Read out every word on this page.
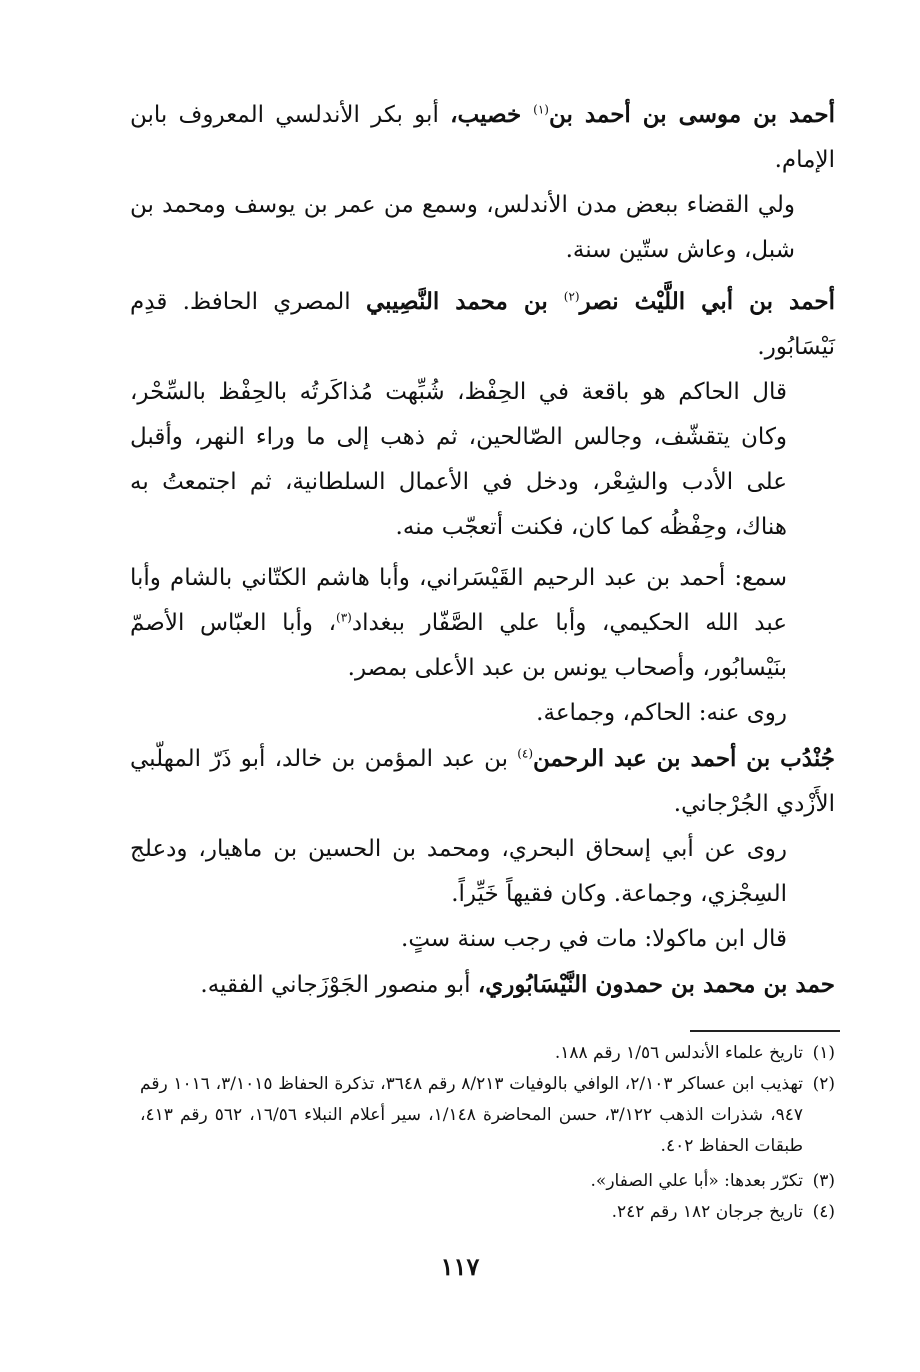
أحمد بن موسى بن أحمد بن$^{(١)}$ خصيب، أبو بكر الأندلسي المعروف بابن الإمام.

ولي القضاء ببعض مدن الأندلس، وسمع من عمر بن يوسف ومحمد بن شبل، وعاش ستّين سنة.

أحمد بن أبي اللَّيْث نصر$^{(٢)}$ بن محمد النَّصِيبي المصري الحافظ. قدِم نَيْسَابُور.

قال الحاكم هو باقعة في الحِفْظ، شُبِّهت مُذاكَرتُه بالحِفْظ بالسِّحْر، وكان يتقشّف، وجالس الصّالحين، ثم ذهب إلى ما وراء النهر، وأقبل على الأدب والشِعْر، ودخل في الأعمال السلطانية، ثم اجتمعتُ به هناك، وحِفْظُه كما كان، فكنت أتعجّب منه.

سمع: أحمد بن عبد الرحيم القَيْسَراني، وأبا هاشم الكتّاني بالشام وأبا عبد الله الحكيمي، وأبا علي الصَّفّار ببغداد$^{(٣)}$، وأبا العبّاس الأصمّ بنَيْسابُور، وأصحاب يونس بن عبد الأعلى بمصر.

روى عنه: الحاكم، وجماعة.

جُنْدُب بن أحمد بن عبد الرحمن$^{(٤)}$ بن عبد المؤمن بن خالد، أبو ذَرّ المهلّبي الأَزْدي الجُرْجاني.

روى عن أبي إسحاق البحري، ومحمد بن الحسين بن ماهيار، ودعلج السِجْزي، وجماعة. وكان فقيهاً خَيِّراً.

قال ابن ماكولا: مات في رجب سنة ستٍ.

حمد بن محمد بن حمدون النَّيْسَابُوري، أبو منصور الجَوْزَجاني الفقيه.

(١)
تاريخ علماء الأندلس ١/٥٦ رقم ١٨٨.
(٢)
تهذيب ابن عساكر ٢/١٠٣، الوافي بالوفيات ٨/٢١٣ رقم ٣٦٤٨، تذكرة الحفاظ ٣/١٠١٥، ١٠١٦ رقم ٩٤٧، شذرات الذهب ٣/١٢٢، حسن المحاضرة ١/١٤٨، سير أعلام النبلاء ١٦/٥٦، ٥٦٢ رقم ٤١٣، طبقات الحفاظ ٤٠٢.
(٣)
تكرّر بعدها: «أبا علي الصفار».
(٤)
تاريخ جرجان ١٨٢ رقم ٢٤٢.
١١٧
